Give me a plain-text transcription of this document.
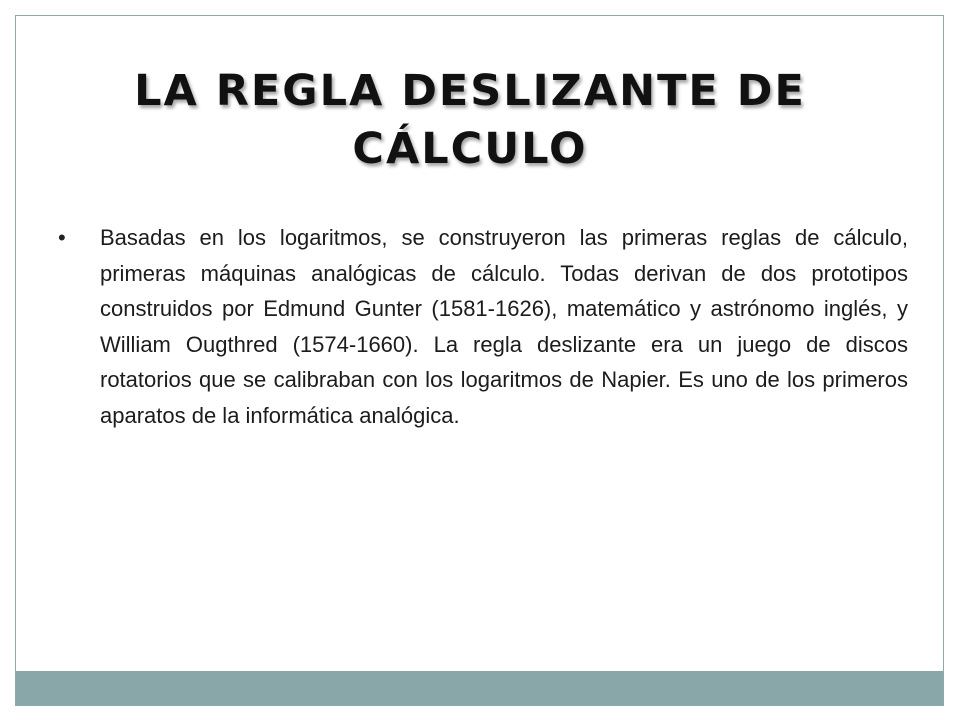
LA REGLA DESLIZANTE DE CÁLCULO
• Basadas en los logaritmos, se construyeron las primeras reglas de cálculo, primeras máquinas analógicas de cálculo. Todas derivan de dos prototipos construidos por Edmund Gunter (1581-1626), matemático y astrónomo inglés, y William Ougthred (1574-1660). La regla deslizante era un juego de discos rotatorios que se calibraban con los logaritmos de Napier. Es uno de los primeros aparatos de la informática analógica.
